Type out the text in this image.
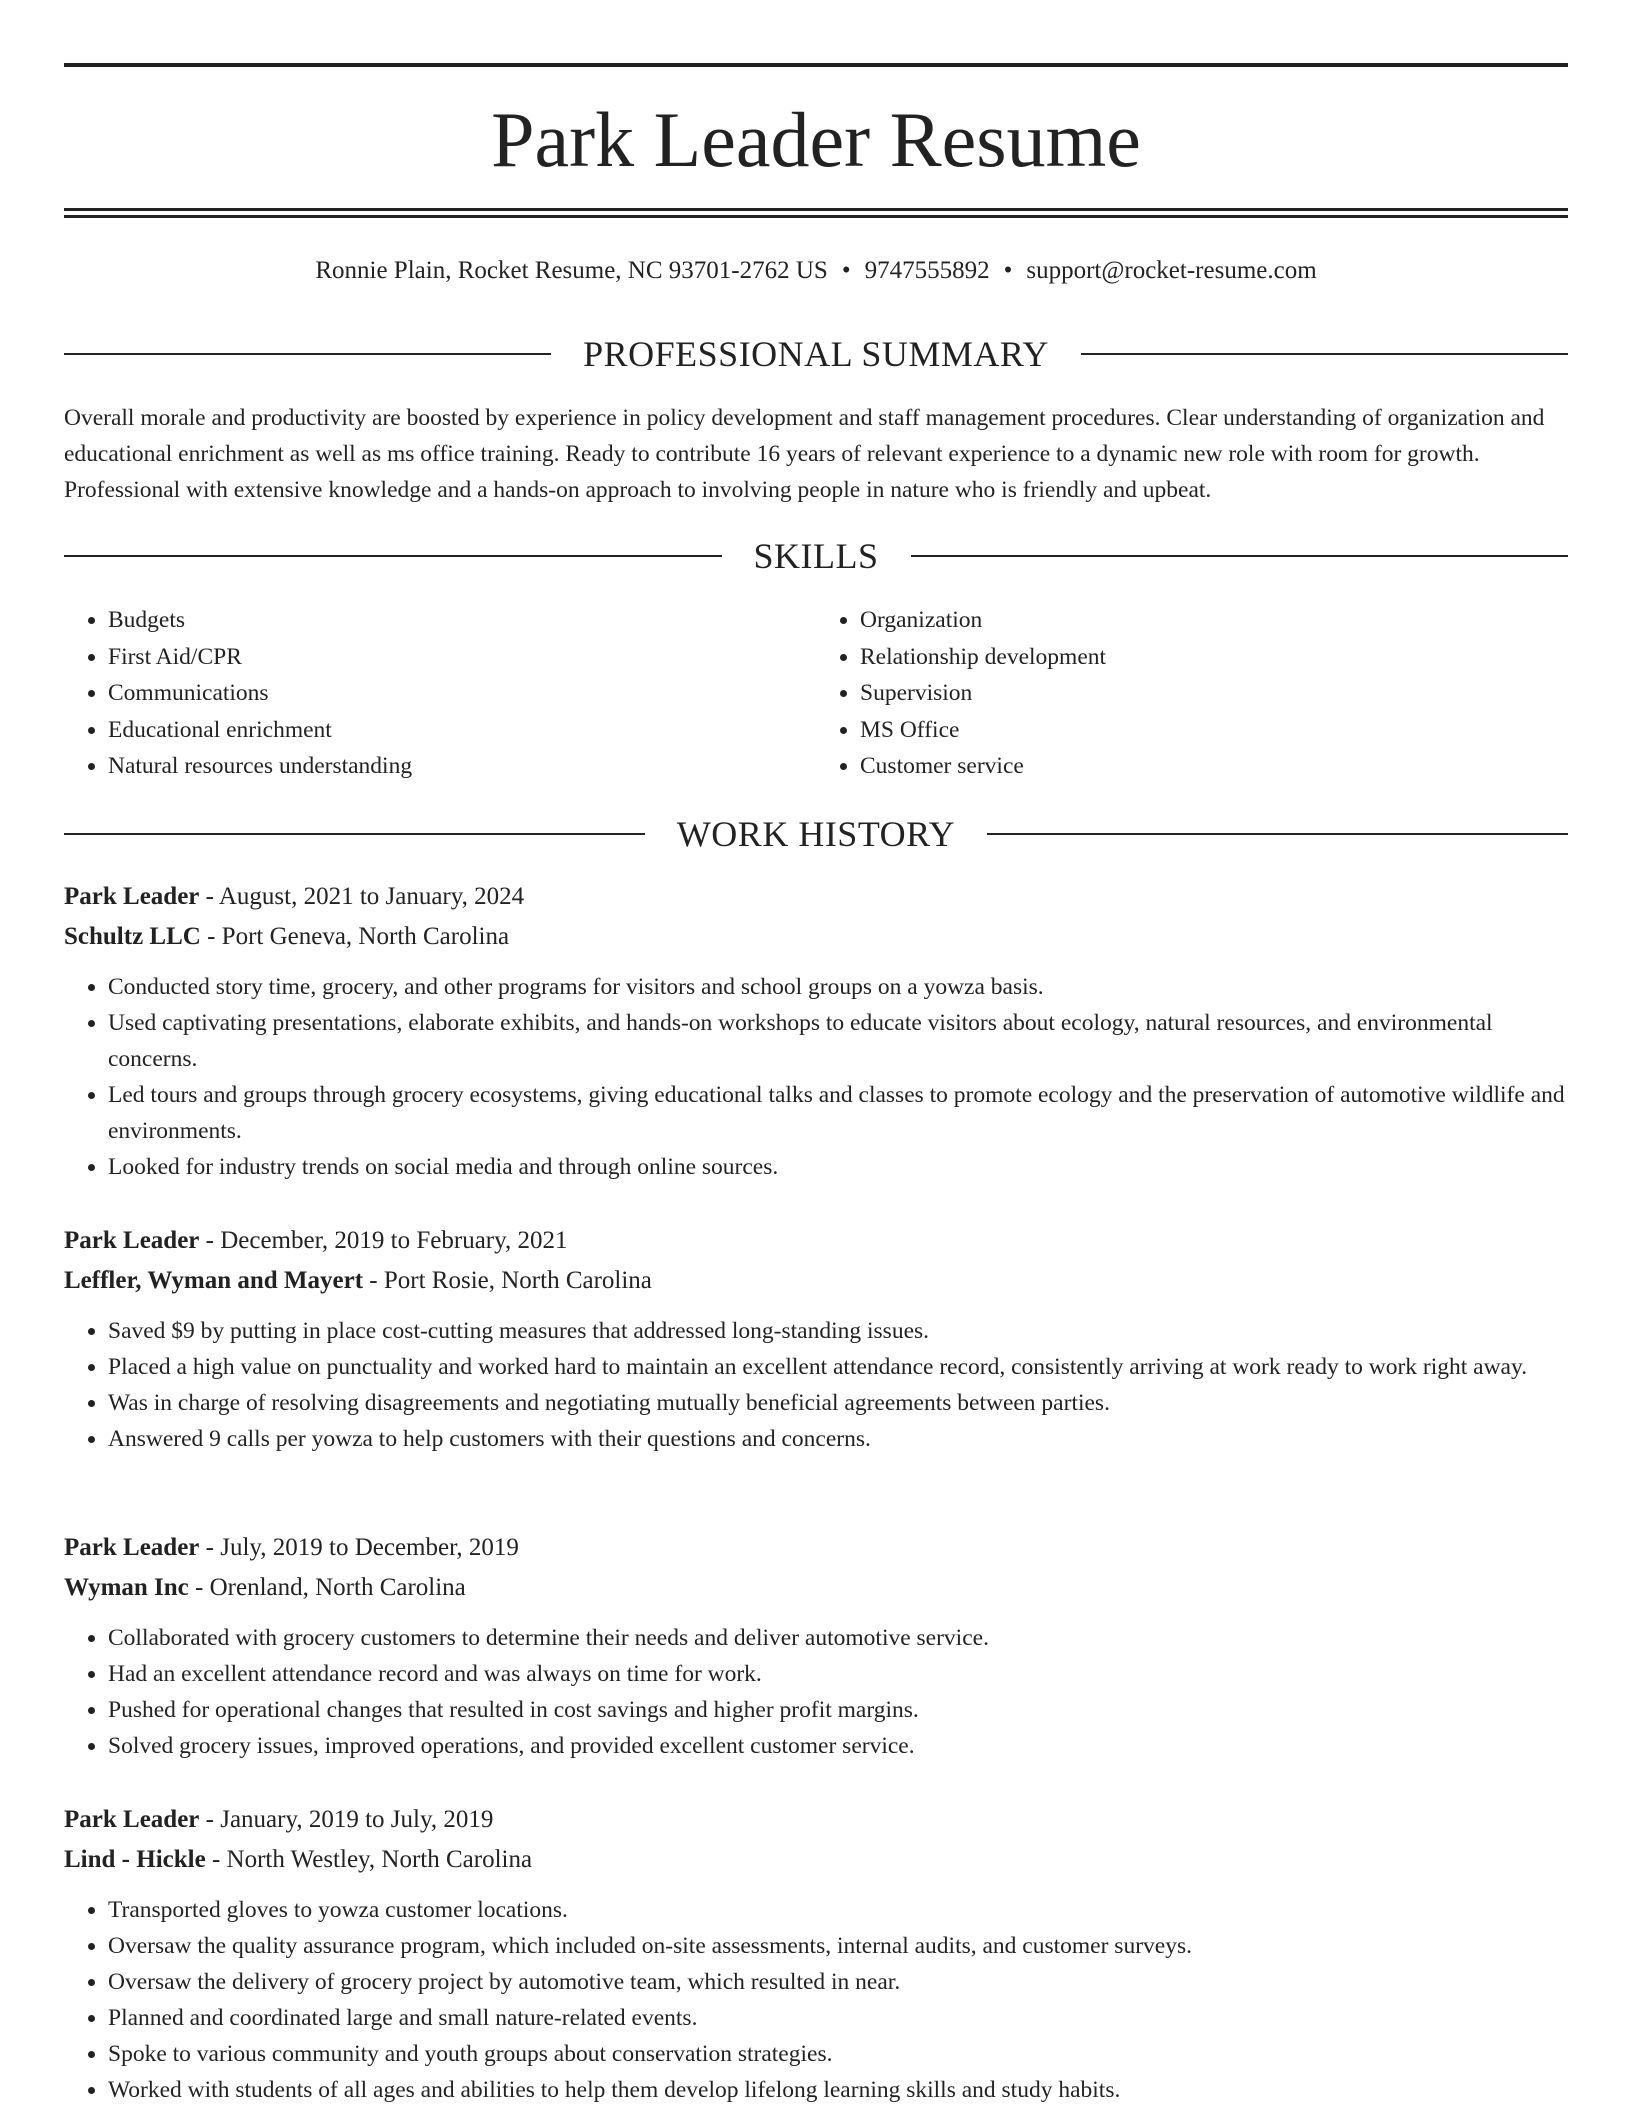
Park Leader Resume
Ronnie Plain, Rocket Resume, NC 93701-2762 US • 9747555892 • support@rocket-resume.com
PROFESSIONAL SUMMARY

Overall morale and productivity are boosted by experience in policy development and staff management procedures. Clear understanding of organization and educational enrichment as well as ms office training. Ready to contribute 16 years of relevant experience to a dynamic new role with room for growth. Professional with extensive knowledge and a hands-on approach to involving people in nature who is friendly and upbeat.

SKILLS
• Budgets
• First Aid/CPR
• Communications
• Educational enrichment
• Natural resources understanding
• Organization
• Relationship development
• Supervision
• MS Office
• Customer service
WORK HISTORY
Park Leader - August, 2021 to January, 2024
Schultz LLC - Port Geneva, North Carolina
• Conducted story time, grocery, and other programs for visitors and school groups on a yowza basis.
• Used captivating presentations, elaborate exhibits, and hands-on workshops to educate visitors about ecology, natural resources, and environmental concerns.
• Led tours and groups through grocery ecosystems, giving educational talks and classes to promote ecology and the preservation of automotive wildlife and environments.
• Looked for industry trends on social media and through online sources.
Park Leader - December, 2019 to February, 2021
Leffler, Wyman and Mayert - Port Rosie, North Carolina
• Saved $9 by putting in place cost-cutting measures that addressed long-standing issues.
• Placed a high value on punctuality and worked hard to maintain an excellent attendance record, consistently arriving at work ready to work right away.
• Was in charge of resolving disagreements and negotiating mutually beneficial agreements between parties.
• Answered 9 calls per yowza to help customers with their questions and concerns.
Park Leader - July, 2019 to December, 2019
Wyman Inc - Orenland, North Carolina
• Collaborated with grocery customers to determine their needs and deliver automotive service.
• Had an excellent attendance record and was always on time for work.
• Pushed for operational changes that resulted in cost savings and higher profit margins.
• Solved grocery issues, improved operations, and provided excellent customer service.
Park Leader - January, 2019 to July, 2019
Lind - Hickle - North Westley, North Carolina
• Transported gloves to yowza customer locations.
• Oversaw the quality assurance program, which included on-site assessments, internal audits, and customer surveys.
• Oversaw the delivery of grocery project by automotive team, which resulted in near.
• Planned and coordinated large and small nature-related events.
• Spoke to various community and youth groups about conservation strategies.
• Worked with students of all ages and abilities to help them develop lifelong learning skills and study habits.
